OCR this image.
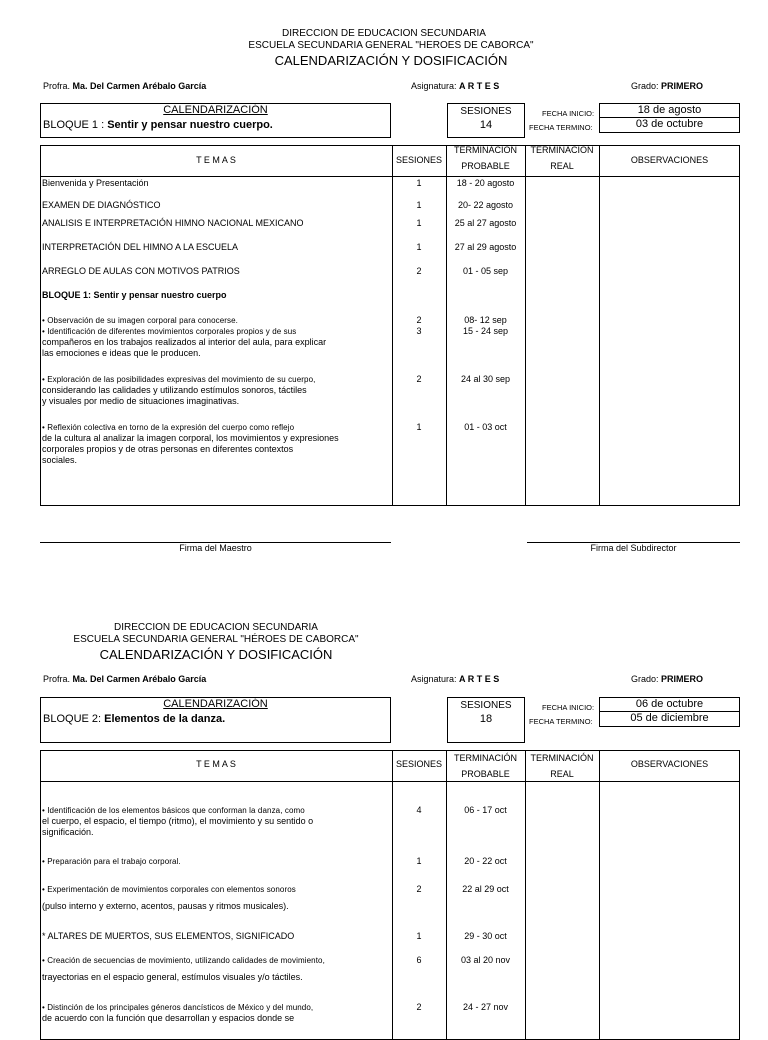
DIRECCION DE EDUCACION SECUNDARIA
ESCUELA SECUNDARIA GENERAL "HEROES DE CABORCA"
CALENDARIZACIÓN Y DOSIFICACIÓN
Profra. Ma. Del Carmen Arébalo García	Asignatura: A R T E S	Grado: PRIMERO
CALENDARIZACIÓN
BLOQUE 1 : Sentir y pensar nuestro cuerpo.
SESIONES
14
FECHA INICIO:
FECHA TERMINO:
18 de agosto
03 de octubre
T E M A S	SESIONES
TERMINACION
PROBABLE
TERMINACION
REAL
OBSERVACIONES
Bienvenida y Presentación	1	18 - 20 agosto
EXAMEN DE DIAGNÓSTICO	1	20- 22 agosto
ANALISIS E INTERPRETACIÓN HIMNO NACIONAL MEXICANO	1	25 al 27 agosto
INTERPRETACIÓN DEL HIMNO A LA ESCUELA	1	27 al 29 agosto
ARREGLO DE AULAS CON MOTIVOS PATRIOS	2	01 - 05 sep
BLOQUE 1: Sentir y pensar nuestro cuerpo
• Observación de su imagen corporal para conocerse.	2	08- 12 sep
• Identificación de diferentes movimientos corporales propios y de sus
compañeros en los trabajos realizados al interior del aula, para explicar
las emociones e ideas que le producen.
3	15 - 24 sep
• Exploración de las posibilidades expresivas del movimiento de su cuerpo,
considerando las calidades y utilizando estímulos sonoros, táctiles
y visuales por medio de situaciones imaginativas.
2	24 al 30 sep
• Reflexión colectiva en torno de la expresión del cuerpo como reflejo
de la cultura al analizar la imagen corporal, los movimientos y expresiones
corporales propios y de otras personas en diferentes contextos
sociales.
1	01 - 03 oct
Firma del Maestro	Firma del Subdirector
DIRECCION DE EDUCACION SECUNDARIA
ESCUELA SECUNDARIA GENERAL "HÉROES DE CABORCA"
CALENDARIZACIÓN Y DOSIFICACIÓN
Profra. Ma. Del Carmen Arébalo García	Asignatura: A R T E S	Grado: PRIMERO
CALENDARIZACIÓN
BLOQUE 2: Elementos de la danza.
SESIONES
18
FECHA INICIO:
FECHA TERMINO:
06 de octubre
05 de diciembre
T E M A S	SESIONES
TERMINACIÓN
PROBABLE
TERMINACIÓN
REAL
OBSERVACIONES
• Identificación de los elementos básicos que conforman la danza, como
el cuerpo, el espacio, el tiempo (ritmo), el movimiento y su sentido o
significación.
4	06 - 17 oct
• Preparación para el trabajo corporal.	1	20 - 22 oct
• Experimentación de movimientos corporales con elementos sonoros
(pulso interno y externo, acentos, pausas y ritmos musicales).
2	22 al 29 oct
* ALTARES DE MUERTOS, SUS ELEMENTOS, SIGNIFICADO	1	29 - 30 oct
• Creación de secuencias de movimiento, utilizando calidades de movimiento,
trayectorias en el espacio general, estímulos visuales y/o táctiles.
6	03 al 20 nov
• Distinción de los principales géneros dancísticos de México y del mundo,
de acuerdo con la función que desarrollan y espacios donde se
2	24 - 27 nov
